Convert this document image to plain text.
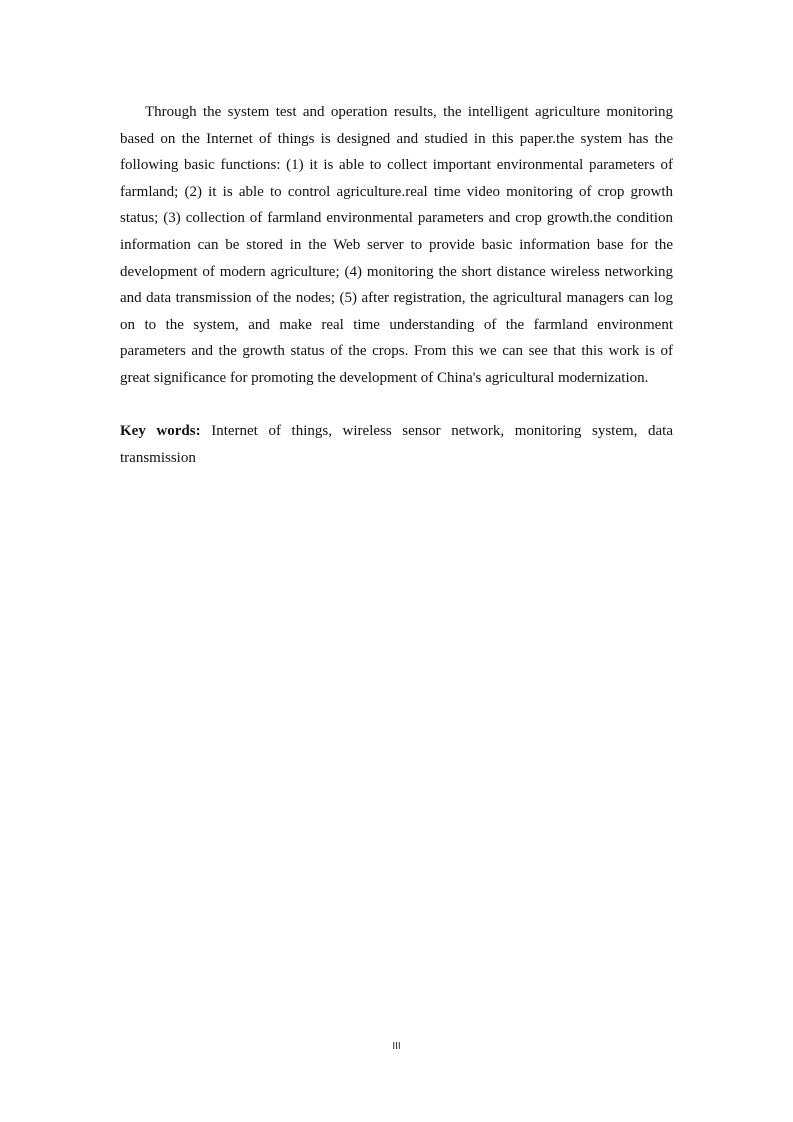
Through the system test and operation results, the intelligent agriculture monitoring based on the Internet of things is designed and studied in this paper.the system has the following basic functions: (1) it is able to collect important environmental parameters of farmland; (2) it is able to control agriculture.real time video monitoring of crop growth status; (3) collection of farmland environmental parameters and crop growth.the condition information can be stored in the Web server to provide basic information base for the development of modern agriculture; (4) monitoring the short distance wireless networking and data transmission of the nodes; (5) after registration, the agricultural managers can log on to the system, and make real time understanding of the farmland environment parameters and the growth status of the crops. From this we can see that this work is of great significance for promoting the development of China's agricultural modernization.

Key words: Internet of things, wireless sensor network, monitoring system, data transmission

III
